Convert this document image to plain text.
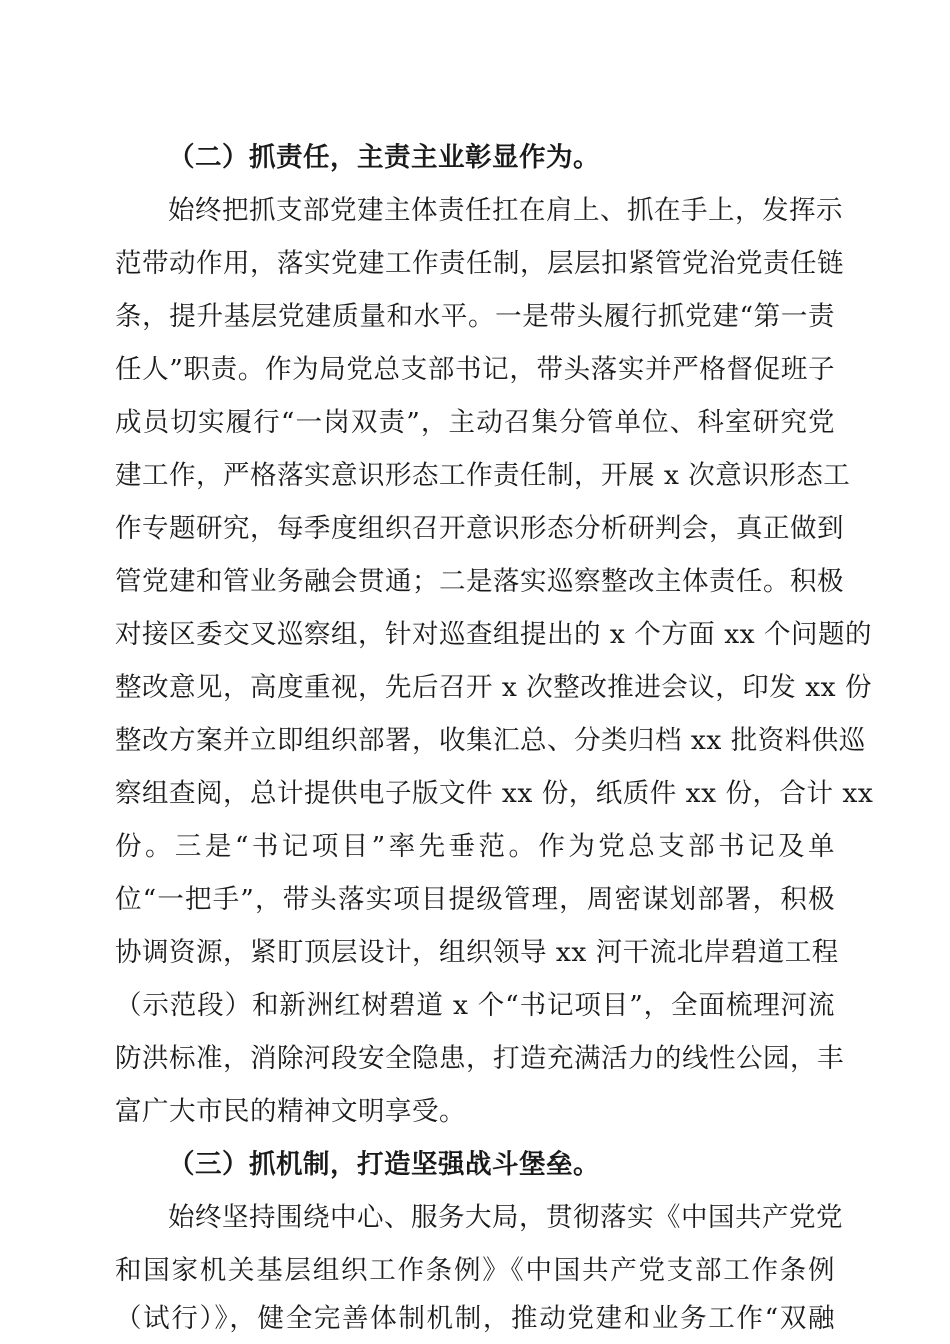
（二）抓责任，主责主业彰显作为。
始终把抓支部党建主体责任扛在肩上、抓在手上，发挥示
范带动作用，落实党建工作责任制，层层扣紧管党治党责任链
条，提升基层党建质量和水平。一是带头履行抓党建“第一责
任人”职责。作为局党总支部书记，带头落实并严格督促班子
成员切实履行“一岗双责”，主动召集分管单位、科室研究党
建工作，严格落实意识形态工作责任制，开展 x 次意识形态工
作专题研究，每季度组织召开意识形态分析研判会，真正做到
管党建和管业务融会贯通；二是落实巡察整改主体责任。积极
对接区委交叉巡察组，针对巡查组提出的 x 个方面 xx 个问题的
整改意见，高度重视，先后召开 x 次整改推进会议，印发 xx 份
整改方案并立即组织部署，收集汇总、分类归档 xx 批资料供巡
察组查阅，总计提供电子版文件 xx 份，纸质件 xx 份，合计 xx
份。三是“书记项目”率先垂范。作为党总支部书记及单
位“一把手”，带头落实项目提级管理，周密谋划部署，积极
协调资源，紧盯顶层设计，组织领导 xx 河干流北岸碧道工程
（示范段）和新洲红树碧道 x 个“书记项目”，全面梳理河流
防洪标准，消除河段安全隐患，打造充满活力的线性公园，丰
富广大市民的精神文明享受。
（三）抓机制，打造坚强战斗堡垒。
始终坚持围绕中心、服务大局，贯彻落实《中国共产党党
和国家机关基层组织工作条例》《中国共产党支部工作条例
（试行）》，健全完善体制机制，推动党建和业务工作“双融
